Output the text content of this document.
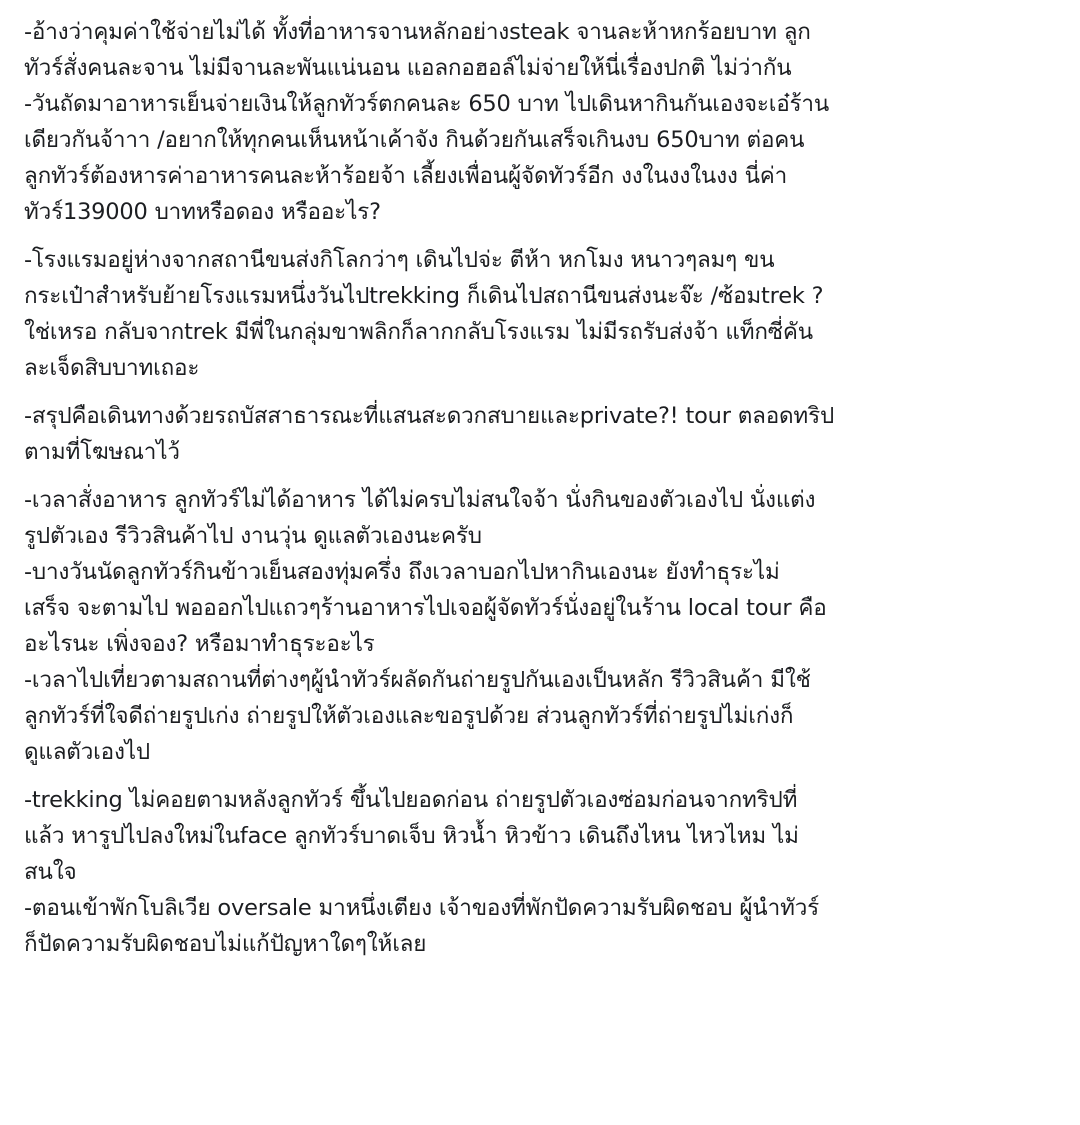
-อ้างว่าคุมค่าใช้จ่ายไม่ได้ ทั้งที่อาหารจานหลักอย่างsteak จานละห้าหกร้อยบาท ลูก
ทัวร์สั่งคนละจาน ไม่มีจานละพันแน่นอน แอลกอฮอล์ไม่จ่ายให้นี่เรื่องปกติ ไม่ว่ากัน
-วันถัดมาอาหารเย็นจ่ายเงินให้ลูกทัวร์ตกคนละ 650 บาท ไปเดินหากินกันเองจะเอ๋ร้าน
เดียวกันจ้าาา /อยากให้ทุกคนเห็นหน้าเค้าจัง กินด้วยกันเสร็จเกินงบ 650บาท ต่อคน
ลูกทัวร์ต้องหารค่าอาหารคนละห้าร้อยจ้า เลี้ยงเพื่อนผู้จัดทัวร์อีก งงในงงในงง นี่ค่า
ทัวร์139000 บาทหรือดอง หรืออะไร?
-โรงแรมอยู่ห่างจากสถานีขนส่งกิโลกว่าๆ เดินไปจ่ะ ตีห้า หกโมง หนาวๆลมๆ ขน
กระเป๋าสำหรับย้ายโรงแรมหนึ่งวันไปtrekking ก็เดินไปสถานีขนส่งนะจ๊ะ /ซ้อมtrek ?
ใช่เหรอ กลับจากtrek มีพี่ในกลุ่มขาพลิกก็ลากกลับโรงแรม ไม่มีรถรับส่งจ้า แท็กซี่คัน
ละเจ็ดสิบบาทเถอะ
-สรุปคือเดินทางด้วยรถบัสสาธารณะที่แสนสะดวกสบายและprivate?! tour ตลอดทริป
ตามที่โฆษณาไว้
-เวลาสั่งอาหาร ลูกทัวร์ไม่ได้อาหาร ได้ไม่ครบไม่สนใจจ้า นั่งกินของตัวเองไป นั่งแต่ง
รูปตัวเอง รีวิวสินค้าไป งานวุ่น ดูแลตัวเองนะครับ
-บางวันนัดลูกทัวร์กินข้าวเย็นสองทุ่มครึ่ง ถึงเวลาบอกไปหากินเองนะ ยังทำธุระไม่
เสร็จ จะตามไป พอออกไปแถวๆร้านอาหารไปเจอผู้จัดทัวร์นั่งอยู่ในร้าน local tour คือ
อะไรนะ เพิ่งจอง? หรือมาทำธุระอะไร
-เวลาไปเที่ยวตามสถานที่ต่างๆผู้นำทัวร์ผลัดกันถ่ายรูปกันเองเป็นหลัก รีวิวสินค้า มีใช้
ลูกทัวร์ที่ใจดีถ่ายรูปเก่ง ถ่ายรูปให้ตัวเองและขอรูปด้วย ส่วนลูกทัวร์ที่ถ่ายรูปไม่เก่งก็
ดูแลตัวเองไป
-trekking ไม่คอยตามหลังลูกทัวร์ ขึ้นไปยอดก่อน ถ่ายรูปตัวเองซ่อมก่อนจากทริปที่
แล้ว หารูปไปลงใหม่ในface ลูกทัวร์บาดเจ็บ หิวน้ำ หิวข้าว เดินถึงไหน ไหวไหม ไม่
สนใจ
-ตอนเข้าพักโบลิเวีย oversale มาหนึ่งเตียง เจ้าของที่พักปัดความรับผิดชอบ ผู้นำทัวร์
ก็ปัดความรับผิดชอบไม่แก้ปัญหาใดๆให้เลย
